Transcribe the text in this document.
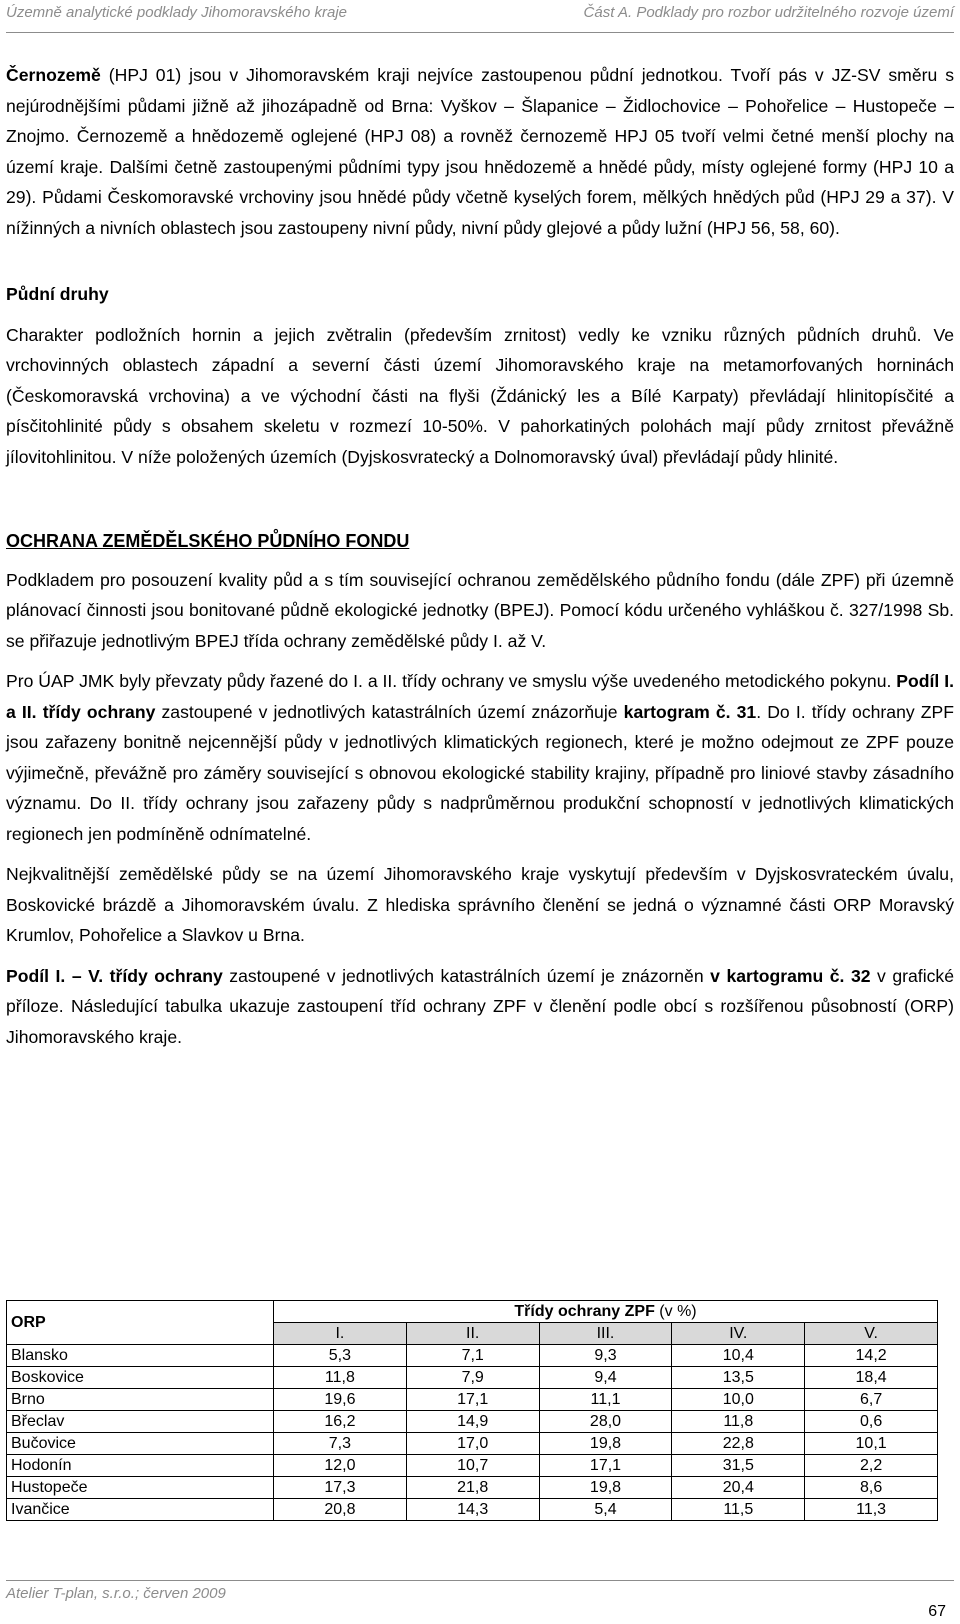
Územně analytické podklady Jihomoravského kraje	Část A. Podklady pro rozbor udržitelného rozvoje území

Černozemě (HPJ 01) jsou v Jihomoravském kraji nejvíce zastoupenou půdní jednotkou. Tvoří pás v JZ-SV směru s nejúrodnějšími půdami jižně až jihozápadně od Brna: Vyškov – Šlapanice – Židlochovice – Pohořelice – Hustopeče – Znojmo. Černozemě a hnědozemě oglejené (HPJ 08) a rovněž černozemě HPJ 05 tvoří velmi četné menší plochy na území kraje. Dalšími četně zastoupenými půdními typy jsou hnědozemě a hnědé půdy, místy oglejené formy (HPJ 10 a 29). Půdami Českomoravské vrchoviny jsou hnědé půdy včetně kyselých forem, mělkých hnědých půd (HPJ 29 a 37). V nížinných a nivních oblastech jsou zastoupeny nivní půdy, nivní půdy glejové a půdy lužní (HPJ 56, 58, 60).

Půdní druhy

Charakter podložních hornin a jejich zvětralin (především zrnitost) vedly ke vzniku různých půdních druhů. Ve vrchovinných oblastech západní a severní části území Jihomoravského kraje na metamorfovaných horninách (Českomoravská vrchovina) a ve východní části na flyši (Ždánický les a Bílé Karpaty) převládají hlinitopísčité a písčitohlinité půdy s obsahem skeletu v rozmezí 10-50%. V pahorkatiných polohách mají půdy zrnitost převážně jílovitohlinitou. V níže položených územích (Dyjskosvratecký a Dolnomoravský úval) převládají půdy hlinité.

OCHRANA ZEMĚDĚLSKÉHO PŮDNÍHO FONDU

Podkladem pro posouzení kvality půd a s tím související ochranou zemědělského půdního fondu (dále ZPF) při územně plánovací činnosti jsou bonitované půdně ekologické jednotky (BPEJ). Pomocí kódu určeného vyhláškou č. 327/1998 Sb. se přiřazuje jednotlivým BPEJ třída ochrany zemědělské půdy I. až V.

Pro ÚAP JMK byly převzaty půdy řazené do I. a II. třídy ochrany ve smyslu výše uvedeného metodického pokynu. Podíl I. a II. třídy ochrany zastoupené v jednotlivých katastrálních území znázorňuje kartogram č. 31. Do I. třídy ochrany ZPF jsou zařazeny bonitně nejcennější půdy v jednotlivých klimatických regionech, které je možno odejmout ze ZPF pouze výjimečně, převážně pro záměry související s obnovou ekologické stability krajiny, případně pro liniové stavby zásadního významu. Do II. třídy ochrany jsou zařazeny půdy s nadprůměrnou produkční schopností v jednotlivých klimatických regionech jen podmíněně odnímatelné.

Nejkvalitnější zemědělské půdy se na území Jihomoravského kraje vyskytují především v Dyjskosvrateckém úvalu, Boskovické brázdě a Jihomoravském úvalu. Z hlediska správního členění se jedná o významné části ORP Moravský Krumlov, Pohořelice a Slavkov u Brna.

Podíl I. – V. třídy ochrany zastoupené v jednotlivých katastrálních území je znázorněn v kartogramu č. 32 v grafické příloze. Následující tabulka ukazuje zastoupení tříd ochrany ZPF v členění podle obcí s rozšířenou působností (ORP) Jihomoravského kraje.

ORP	Třídy ochrany ZPF (v %)				
	I.	II.	III.	IV.	V.
Blansko	5,3	7,1	9,3	10,4	14,2
Boskovice	11,8	7,9	9,4	13,5	18,4
Brno	19,6	17,1	11,1	10,0	6,7
Břeclav	16,2	14,9	28,0	11,8	0,6
Bučovice	7,3	17,0	19,8	22,8	10,1
Hodonín	12,0	10,7	17,1	31,5	2,2
Hustopeče	17,3	21,8	19,8	20,4	8,6
Ivančice	20,8	14,3	5,4	11,5	11,3
Atelier T-plan, s.r.o.; červen 2009
67
